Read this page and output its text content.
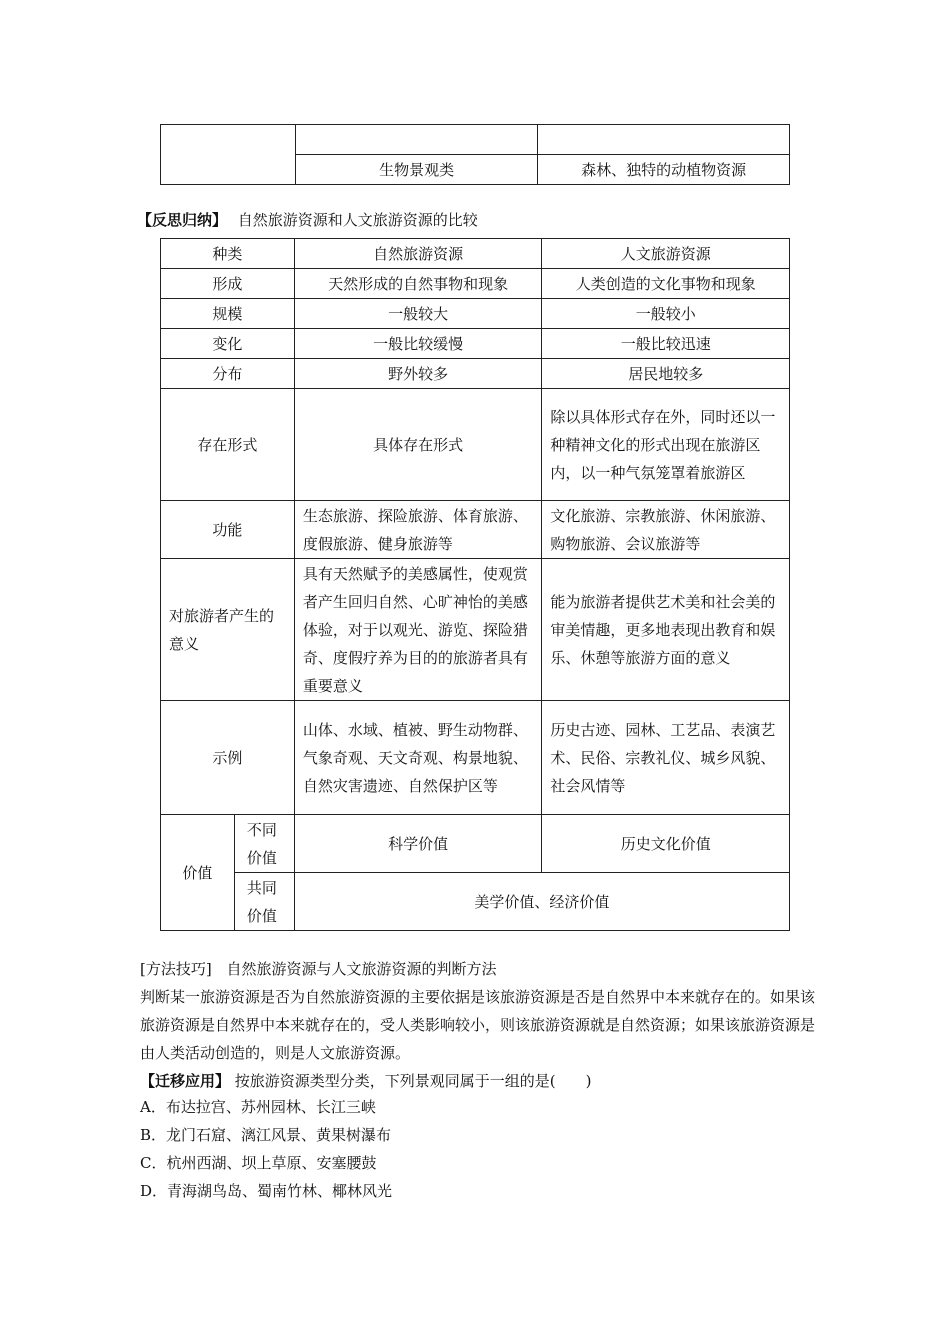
	生物景观类	森林、独特的动植物资源
【反思归纳】 自然旅游资源和人文旅游资源的比较
种类		自然旅游资源	人文旅游资源
形成		天然形成的自然事物和现象	人类创造的文化事物和现象
规模		一般较大	一般较小
变化		一般比较缓慢	一般比较迅速
分布		野外较多	居民地较多
存在形式		具体存在形式	除以具体形式存在外，同时还以一种精神文化的形式出现在旅游区内，以一种气氛笼罩着旅游区
功能		生态旅游、探险旅游、体育旅游、度假旅游、健身旅游等	文化旅游、宗教旅游、休闲旅游、购物旅游、会议旅游等
对旅游者产生的意义		具有天然赋予的美感属性，使观赏者产生回归自然、心旷神怡的美感体验，对于以观光、游览、探险猎奇、度假疗养为目的的旅游者具有重要意义	能为旅游者提供艺术美和社会美的审美情趣，更多地表现出教育和娱乐、休憩等旅游方面的意义
示例		山体、水域、植被、野生动物群、气象奇观、天文奇观、构景地貌、自然灾害遗迹、自然保护区等	历史古迹、园林、工艺品、表演艺术、民俗、宗教礼仪、城乡风貌、社会风情等
价值	不同价值	科学价值	历史文化价值
	共同价值	美学价值、经济价值	
[方法技巧] 自然旅游资源与人文旅游资源的判断方法
判断某一旅游资源是否为自然旅游资源的主要依据是该旅游资源是否是自然界中本来就存在的。如果该旅游资源是自然界中本来就存在的，受人类影响较小，则该旅游资源就是自然资源；如果该旅游资源是由人类活动创造的，则是人文旅游资源。
【迁移应用】 按旅游资源类型分类，下列景观同属于一组的是(　　)
A．布达拉宫、苏州园林、长江三峡
B．龙门石窟、漓江风景、黄果树瀑布
C．杭州西湖、坝上草原、安塞腰鼓
D．青海湖鸟岛、蜀南竹林、椰林风光
